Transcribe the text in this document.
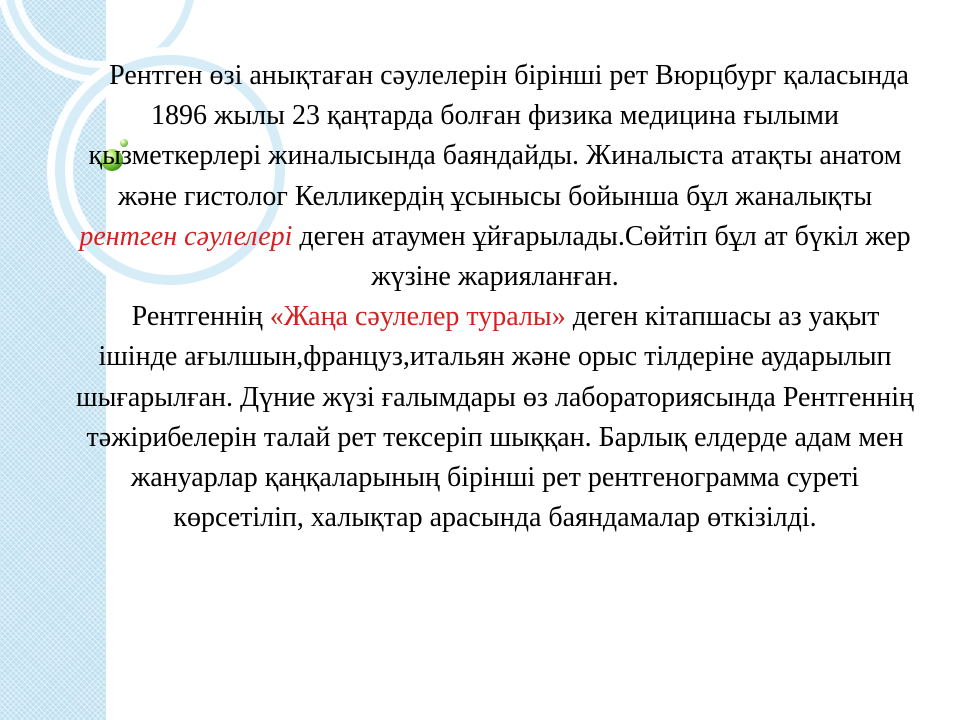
Рентген өзі анықтаған сәулелерін бірінші рет Вюрцбург қаласында 1896 жылы 23 қаңтарда болған физика медицина ғылыми қызметкерлері жиналысында баяндайды. Жиналыста атақты анатом және гистолог Келликердің ұсынысы бойынша бұл жаналықты рентген сәулелері деген атаумен ұйғарылады.Сөйтіп бұл ат бүкіл жер жүзіне жарияланған.

Рентгеннің «Жаңа сәулелер туралы» деген кітапшасы аз уақыт ішінде ағылшын,француз,итальян және орыс тілдеріне аударылып шығарылған. Дүние жүзі ғалымдары өз лабораториясында Рентгеннің тәжірибелерін талай рет тексеріп шыққан. Барлық елдерде адам мен жануарлар қаңқаларының бірінші рет рентгенограмма суреті көрсетіліп, халықтар арасында баяндамалар өткізілді.
